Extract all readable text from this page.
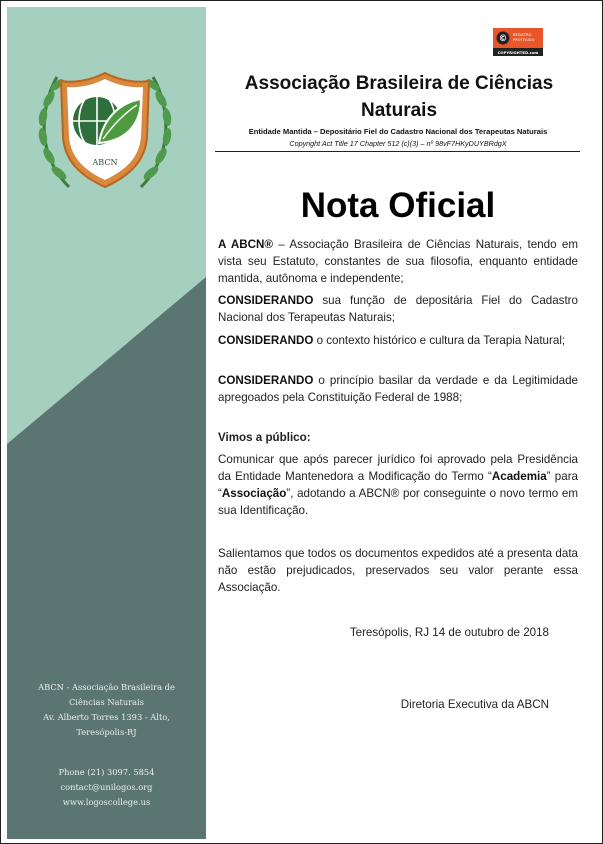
ABCN
ABCN - Associação Brasileira de
Ciências Naturais
Av. Alberto Torres 1393 - Alto,
Teresópolis-RJ
Phone (21) 3097. 5854
contact@unilogos.org
www.logoscollege.us
© REGISTRO
PROTEGIDO
COPYRIGHTED.com
Associação Brasileira de Ciências
Naturais
Entidade Mantida – Depositário Fiel do Cadastro Nacional dos Terapeutas Naturais
Copyright Act Title 17 Chapter 512 (c)(3) – nº 98vF7HKyDUYBRdgX
Nota Oficial
A ABCN® – Associação Brasileira de Ciências Naturais, tendo em vista seu Estatuto, constantes de sua filosofia, enquanto entidade mantida, autônoma e independente;
CONSIDERANDO sua função de depositária Fiel do Cadastro Nacional dos Terapeutas Naturais;
CONSIDERANDO o contexto histórico e cultura da Terapia Natural;
CONSIDERANDO o princípio basilar da verdade e da Legitimidade apregoados pela Constituição Federal de 1988;
Vimos a público:
Comunicar que após parecer jurídico foi aprovado pela Presidência da Entidade Mantenedora a Modificação do Termo “Academia” para “Associação”, adotando a ABCN® por conseguinte o novo termo em sua Identificação.
Salientamos que todos os documentos expedidos até a presenta data não estão prejudicados, preservados seu valor perante essa Associação.
Teresópolis, RJ 14 de outubro de 2018
Diretoria Executiva da ABCN
